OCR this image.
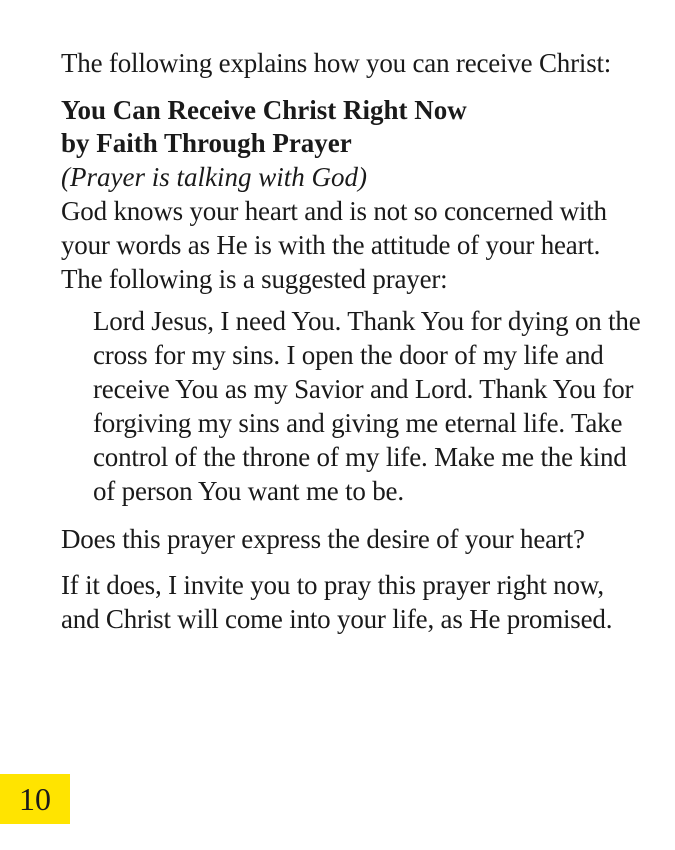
The following explains how you can receive Christ:

You Can Receive Christ Right Now

by Faith Through Prayer

(Prayer is talking with God)

God knows your heart and is not so concerned with your words as He is with the attitude of your heart. The following is a suggested prayer:

Lord Jesus, I need You. Thank You for dying on the cross for my sins. I open the door of my life and receive You as my Savior and Lord. Thank You for forgiving my sins and giving me eternal life. Take control of the throne of my life. Make me the kind of person You want me to be.

Does this prayer express the desire of your heart?

If it does, I invite you to pray this prayer right now, and Christ will come into your life, as He promised.

10
